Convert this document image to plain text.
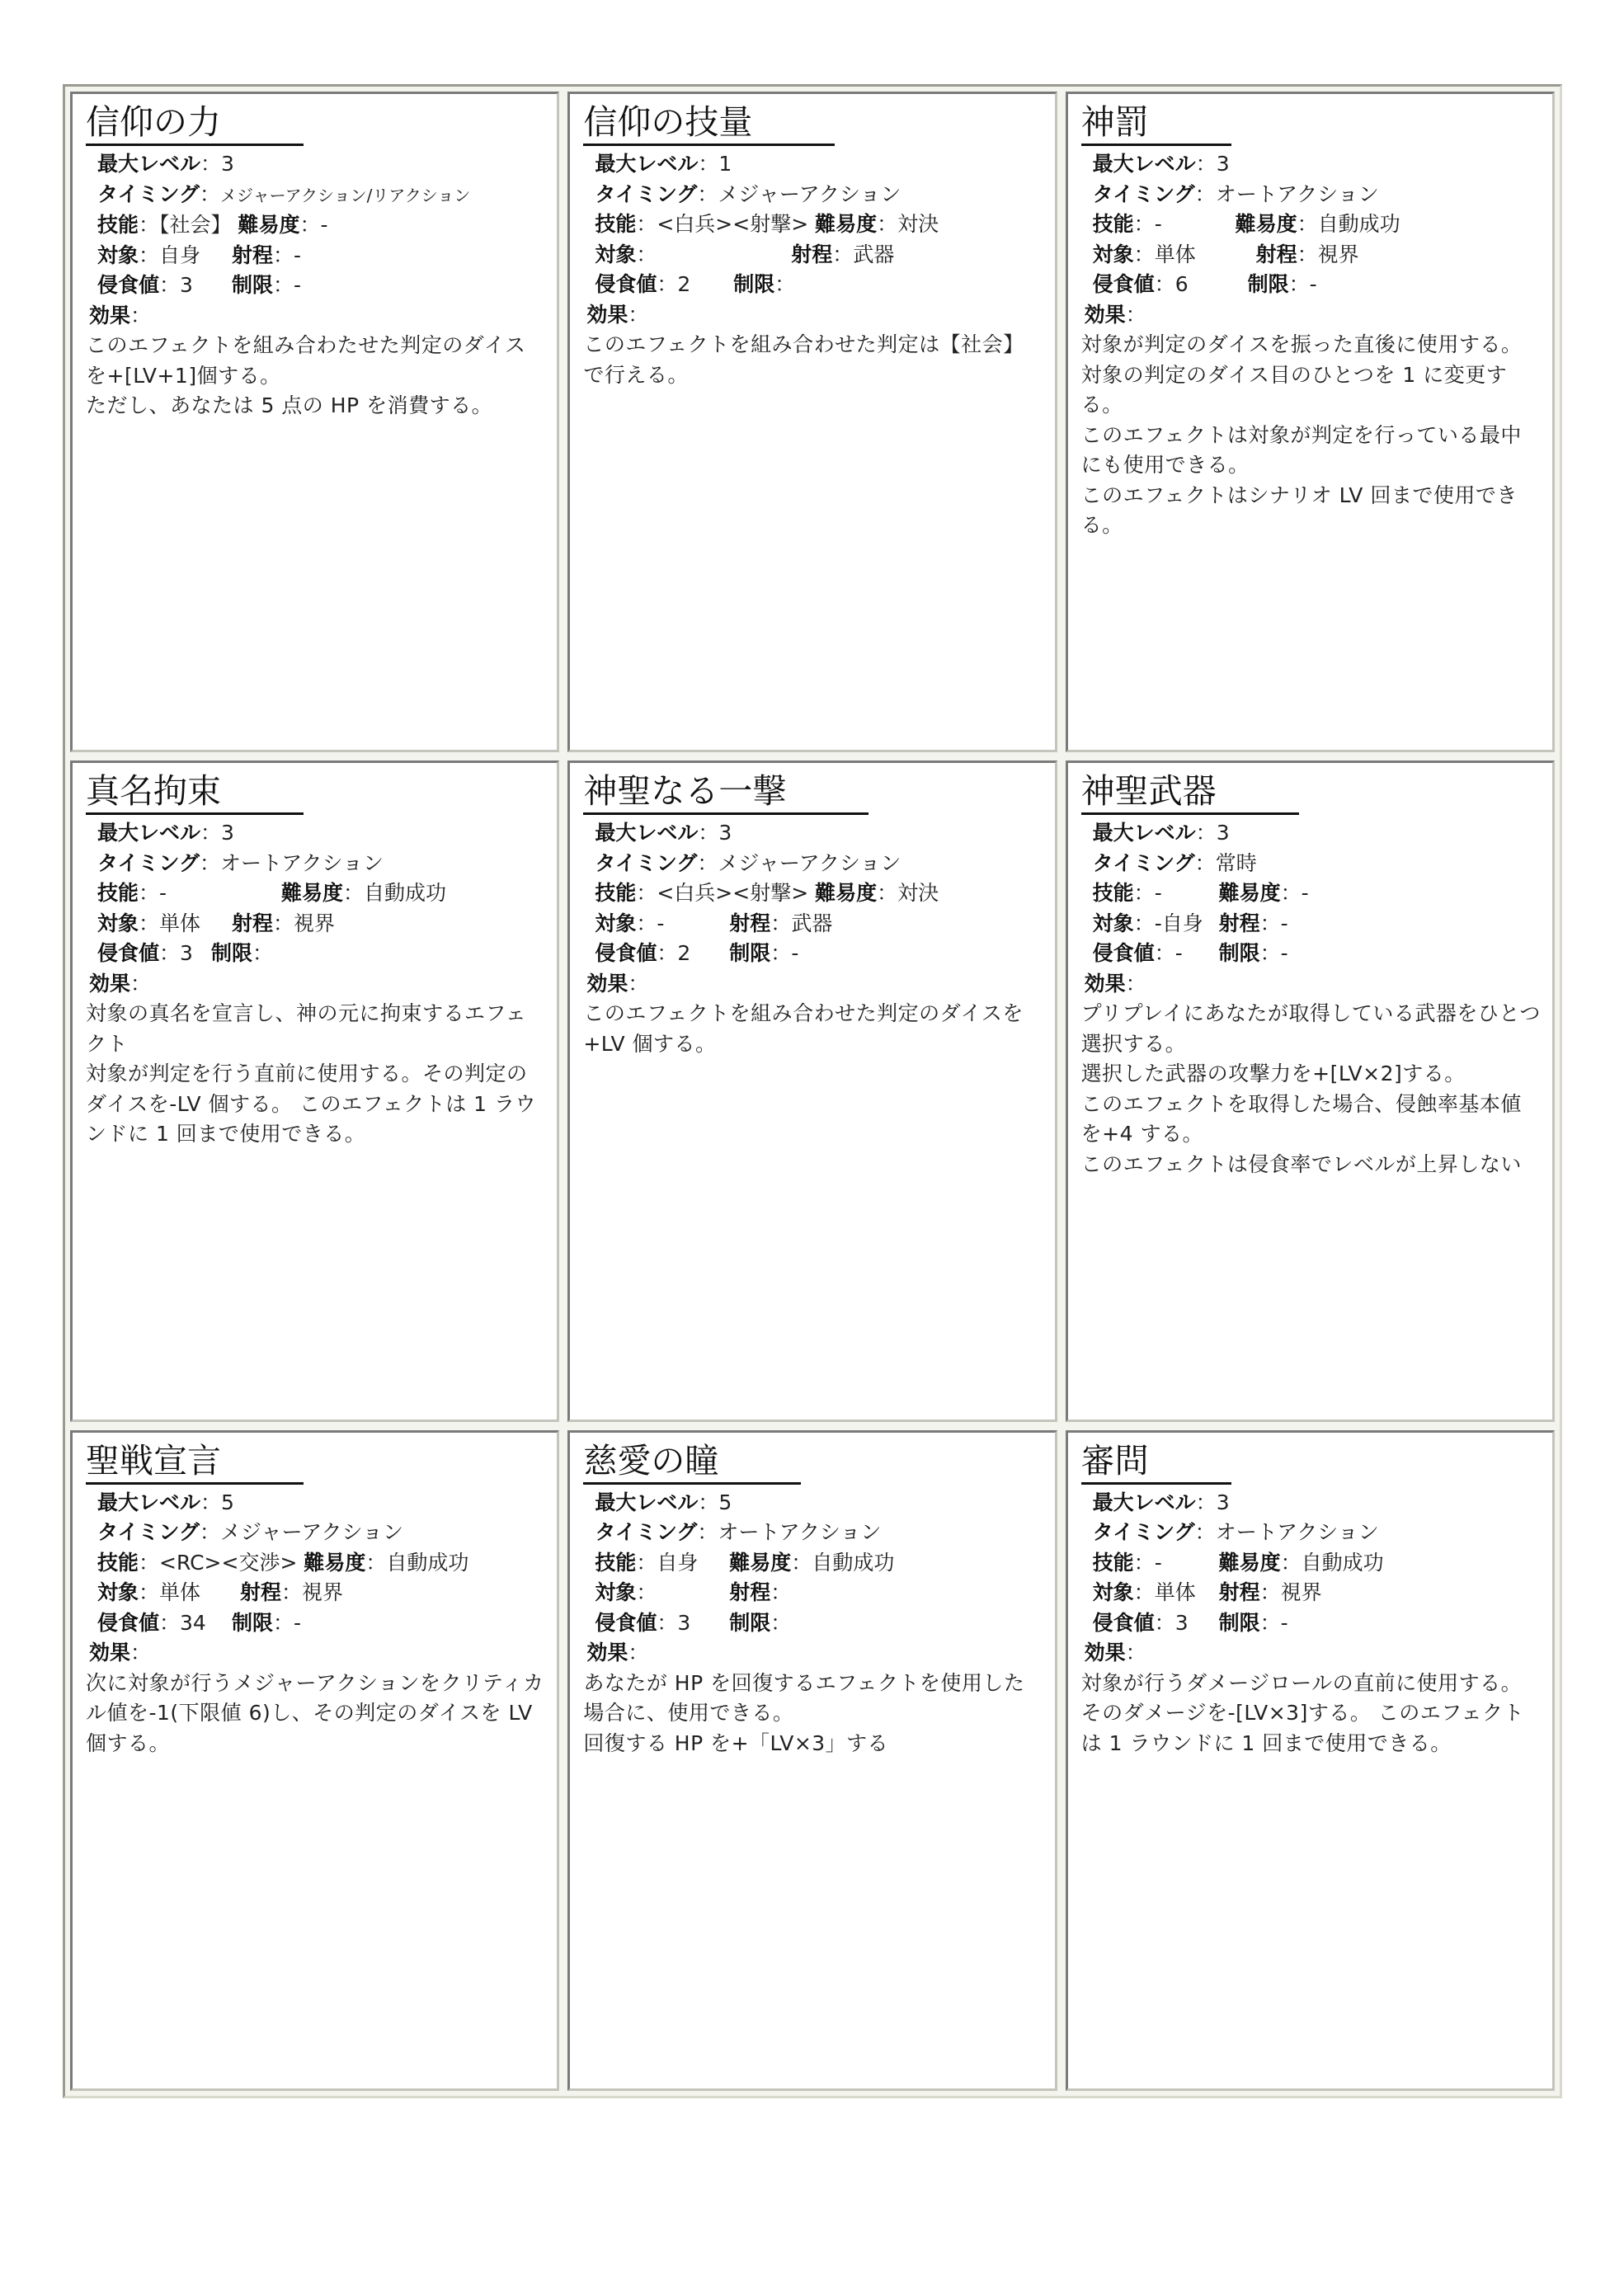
信仰の力
最大レベル：3
タイミング：メジャーアクション/リアクション
技能：【社会】 難易度：-
対象：自身 射程：-
侵食値：3 制限：-
効果：

このエフェクトを組み合わたせた判定のダイスを+[LV+1]個する。

ただし、あなたは 5 点の HP を消費する。

信仰の技量
最大レベル：1
タイミング：メジャーアクション
技能：<白兵><射撃> 難易度：対決
対象：	射程：武器
侵食値：2 制限：
効果：

このエフェクトを組み合わせた判定は【社会】で行える。

神罰
最大レベル：3
タイミング：オートアクション
技能：-	難易度：自動成功
対象：単体	射程：視界
侵食値：6	制限：-
効果：

対象が判定のダイスを振った直後に使用する。

対象の判定のダイス目のひとつを 1 に変更する。

このエフェクトは対象が判定を行っている最中にも使用できる。

このエフェクトはシナリオ LV 回まで使用できる。

真名拘束
最大レベル：3
タイミング：オートアクション
技能：-	難易度：自動成功
対象：単体 射程：視界
侵食値：3 制限：
効果：

対象の真名を宣言し、神の元に拘束するエフェクト

対象が判定を行う直前に使用する。その判定のダイスを-LV 個する。 このエフェクトは 1 ラウンドに 1 回まで使用できる。

神聖なる一撃
最大レベル：3
タイミング：メジャーアクション
技能：<白兵><射撃> 難易度：対決
対象：-	射程：武器
侵食値：2 制限：-
効果：

このエフェクトを組み合わせた判定のダイスを+LV 個する。

神聖武器
最大レベル：3
タイミング：常時
技能：-	難易度：-
対象：-自身 射程：-
侵食値：- 制限：-
効果：

プリプレイにあなたが取得している武器をひとつ選択する。

選択した武器の攻撃力を+[LV×2]する。

このエフェクトを取得した場合、侵蝕率基本値を+4 する。

このエフェクトは侵食率でレベルが上昇しない

聖戦宣言
最大レベル：5
タイミング：メジャーアクション
技能：<RC><交渉> 難易度：自動成功
対象：単体 射程：視界
侵食値：34 制限：-
効果：

次に対象が行うメジャーアクションをクリティカル値を-1(下限値 6)し、その判定のダイスを LV 個する。

慈愛の瞳
最大レベル：5
タイミング：オートアクション
技能：自身 難易度：自動成功
対象：	射程：
侵食値：3 制限：
効果：

あなたが HP を回復するエフェクトを使用した場合に、使用できる。

回復する HP を+「LV×3」する

審問
最大レベル：3
タイミング：オートアクション
技能：-	難易度：自動成功
対象：単体 射程：視界
侵食値：3 制限：-
効果：

対象が行うダメージロールの直前に使用する。

そのダメージを-[LV×3]する。 このエフェクトは 1 ラウンドに 1 回まで使用できる。
